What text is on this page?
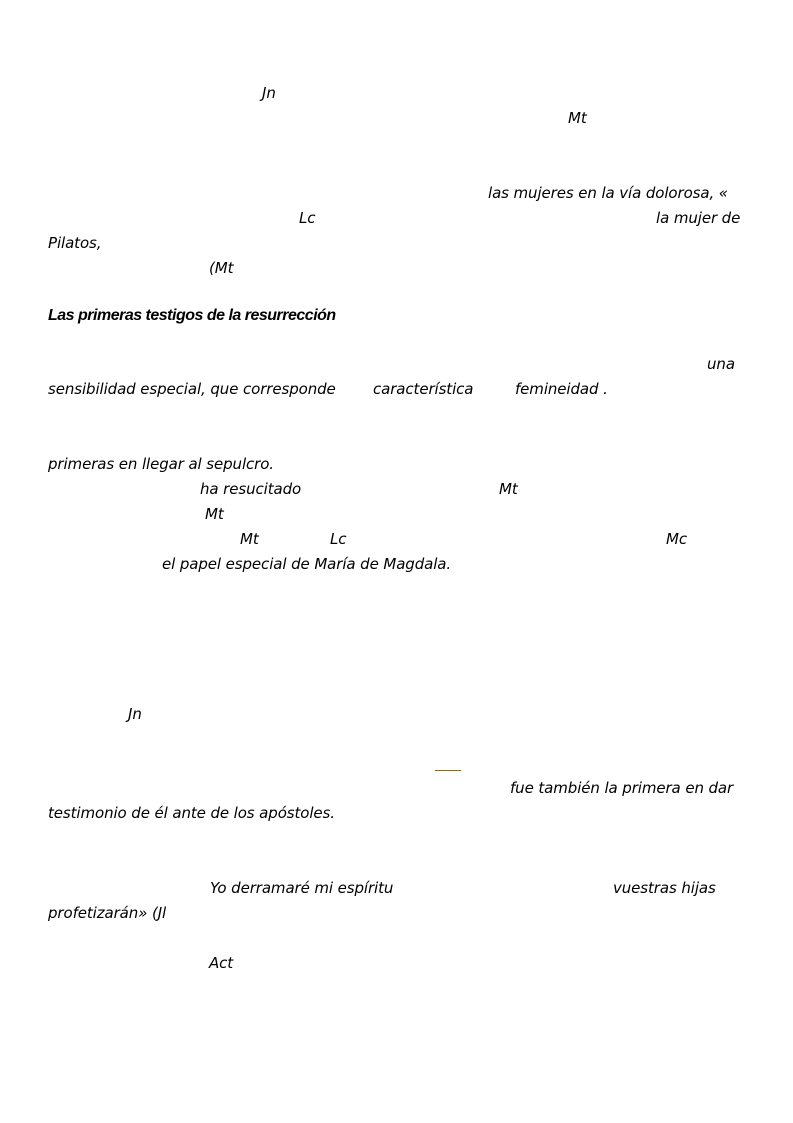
Jn
Mt
las mujeres en la vía dolorosa, «
Lc	la mujer de
Pilatos,
(Mt
Las primeras testigos de la resurrección
una
sensibilidad especial, que corresponde característica	femineidad .
primeras en llegar al sepulcro.
ha resucitado	Mt
Mt
Mt	Lc	Mc
el papel especial de María de Magdala.
Jn
fue también la primera en dar
testimonio de él ante de los apóstoles.
Yo derramaré mi espíritu	vuestras hijas
profetizarán» (Jl
Act
